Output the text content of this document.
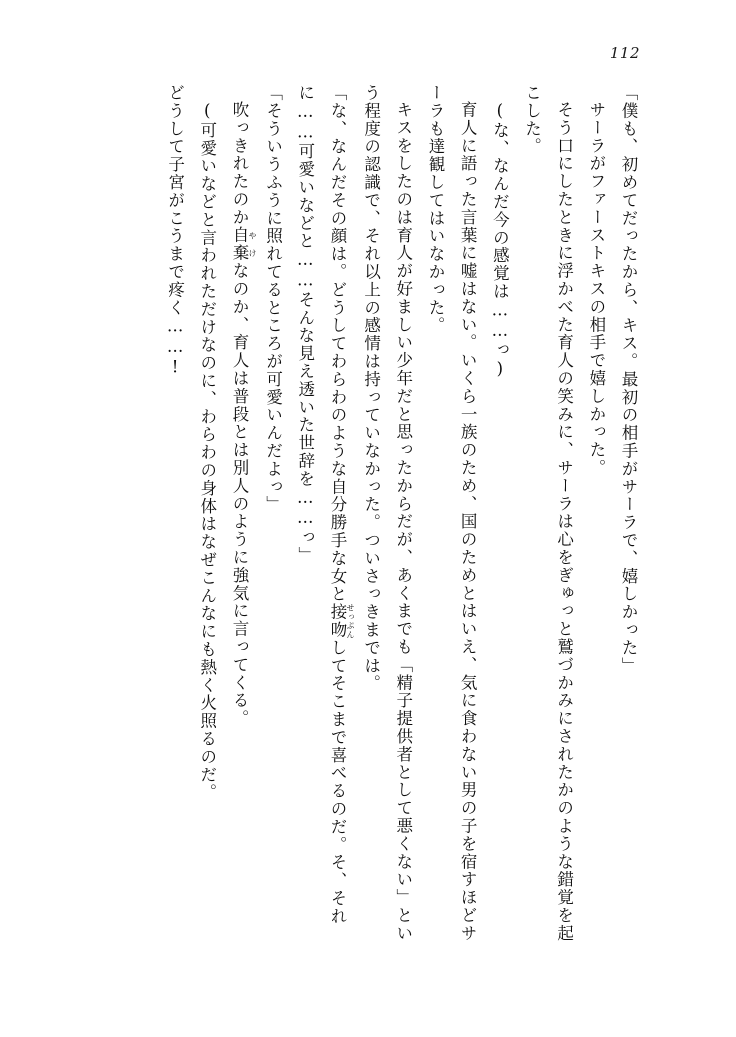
112

「僕も、初めてだったから、キス。最初の相手がサーラで、嬉しかった」

サーラがファーストキスの相手で嬉しかった。

そう口にしたときに浮かべた育人の笑みに、サーラは心をぎゅっと鷲づかみにされたかのような錯覚を起こした。

(な、なんだ今の感覚は……っ)

育人に語った言葉に嘘はない。いくら一族のため、国のためとはいえ、気に食わない男の子を宿すほどサーラも達観してはいなかった。

キスをしたのは育人が好ましい少年だと思ったからだが、あくまでも「精子提供者として悪くない」という程度の認識で、それ以上の感情は持っていなかった。ついさっきまでは。

「な、なんだその顔は。どうしてわらわのような自分勝手な女と接吻 せっぷんしてそこまで喜べるのだ。そ、それに……可愛いなどと……そんな見え透いた世辞を……っ」

「そういうふうに照れてるところが可愛いんだよっ」

吹っきれたのか自棄 やけなのか、育人は普段とは別人のように強気に言ってくる。

(可愛いなどと言われただけなのに、わらわの身体はなぜこんなにも熱く火照るのだ。

どうして子宮がこうまで疼く……!
